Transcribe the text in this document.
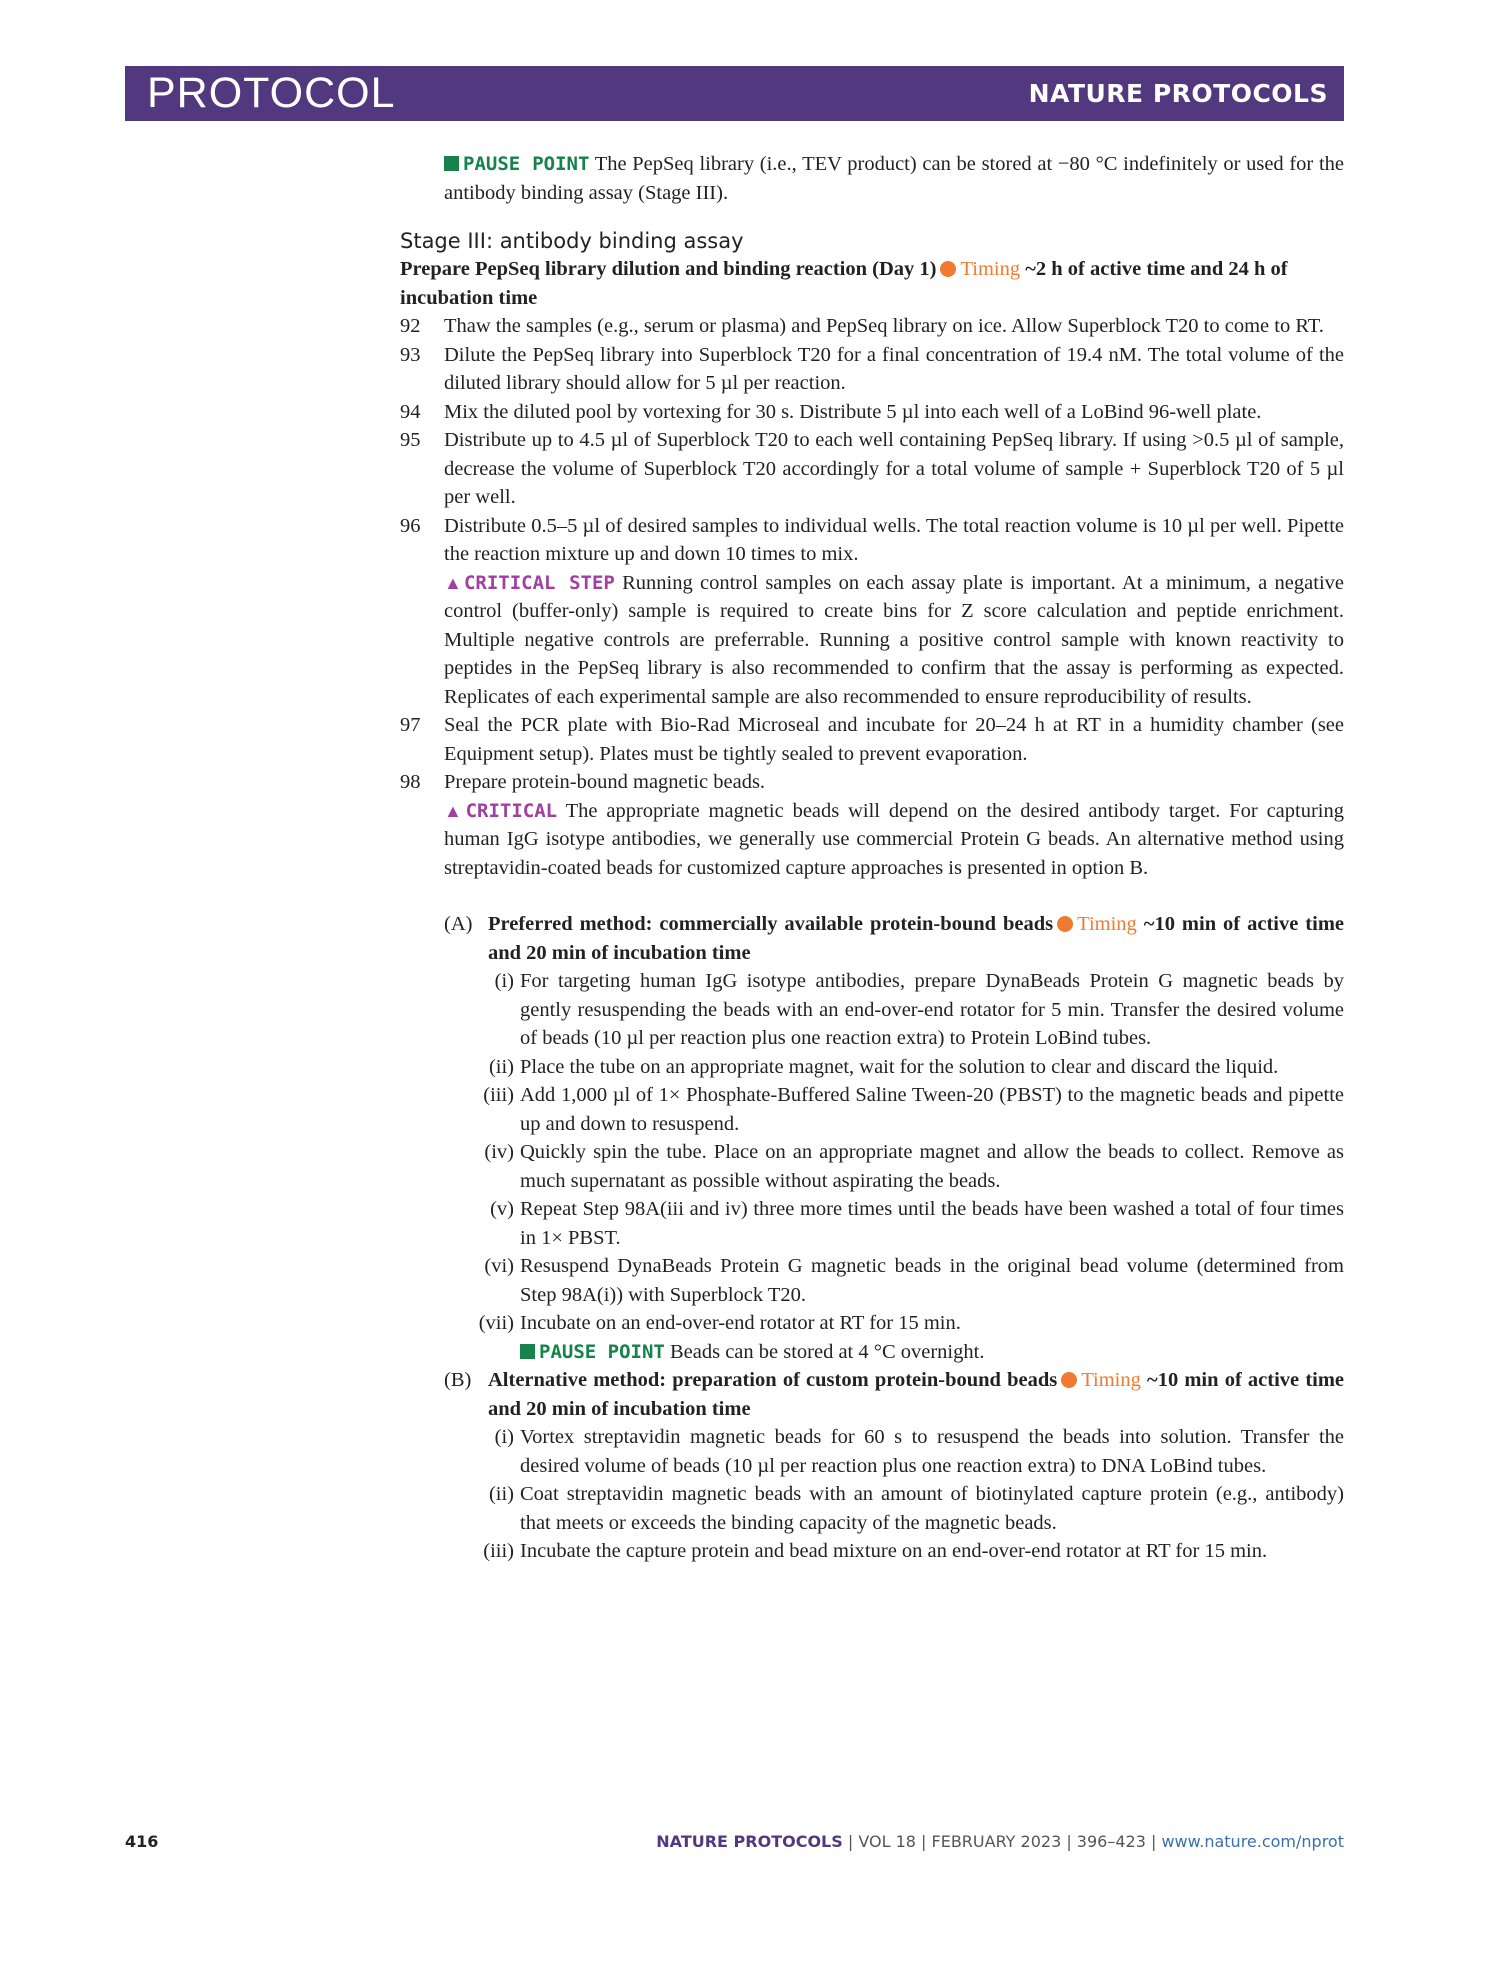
PROTOCOL	NATURE PROTOCOLS

PAUSE POINT The PepSeq library (i.e., TEV product) can be stored at −80 °C indefinitely or used for the antibody binding assay (Stage III).

Stage III: antibody binding assay

Prepare PepSeq library dilution and binding reaction (Day 1) Timing ~2 h of active time and 24 h of incubation time

92 Thaw the samples (e.g., serum or plasma) and PepSeq library on ice. Allow Superblock T20 to come to RT.

93 Dilute the PepSeq library into Superblock T20 for a final concentration of 19.4 nM. The total volume of the diluted library should allow for 5 µl per reaction.

94 Mix the diluted pool by vortexing for 30 s. Distribute 5 µl into each well of a LoBind 96-well plate.

95 Distribute up to 4.5 µl of Superblock T20 to each well containing PepSeq library. If using >0.5 µl of sample, decrease the volume of Superblock T20 accordingly for a total volume of sample + Superblock T20 of 5 µl per well.

96 Distribute 0.5–5 µl of desired samples to individual wells. The total reaction volume is 10 µl per well. Pipette the reaction mixture up and down 10 times to mix.

▲CRITICAL STEP Running control samples on each assay plate is important. At a minimum, a negative control (buffer-only) sample is required to create bins for Z score calculation and peptide enrichment. Multiple negative controls are preferrable. Running a positive control sample with known reactivity to peptides in the PepSeq library is also recommended to confirm that the assay is performing as expected. Replicates of each experimental sample are also recommended to ensure reproducibility of results.

97 Seal the PCR plate with Bio-Rad Microseal and incubate for 20–24 h at RT in a humidity chamber (see Equipment setup). Plates must be tightly sealed to prevent evaporation.

98 Prepare protein-bound magnetic beads.

▲CRITICAL The appropriate magnetic beads will depend on the desired antibody target. For capturing human IgG isotype antibodies, we generally use commercial Protein G beads. An alternative method using streptavidin-coated beads for customized capture approaches is presented in option B.

(A) Preferred method: commercially available protein-bound beads Timing ~10 min of active time and 20 min of incubation time

(i) For targeting human IgG isotype antibodies, prepare DynaBeads Protein G magnetic beads by gently resuspending the beads with an end-over-end rotator for 5 min. Transfer the desired volume of beads (10 µl per reaction plus one reaction extra) to Protein LoBind tubes.

(ii) Place the tube on an appropriate magnet, wait for the solution to clear and discard the liquid.

(iii) Add 1,000 µl of 1× Phosphate-Buffered Saline Tween-20 (PBST) to the magnetic beads and pipette up and down to resuspend.

(iv) Quickly spin the tube. Place on an appropriate magnet and allow the beads to collect. Remove as much supernatant as possible without aspirating the beads.

(v) Repeat Step 98A(iii and iv) three more times until the beads have been washed a total of four times in 1× PBST.

(vi) Resuspend DynaBeads Protein G magnetic beads in the original bead volume (determined from Step 98A(i)) with Superblock T20.

(vii) Incubate on an end-over-end rotator at RT for 15 min.

PAUSE POINT Beads can be stored at 4 °C overnight.

(B) Alternative method: preparation of custom protein-bound beads Timing ~10 min of active time and 20 min of incubation time

(i) Vortex streptavidin magnetic beads for 60 s to resuspend the beads into solution. Transfer the desired volume of beads (10 µl per reaction plus one reaction extra) to DNA LoBind tubes.

(ii) Coat streptavidin magnetic beads with an amount of biotinylated capture protein (e.g., antibody) that meets or exceeds the binding capacity of the magnetic beads.

(iii) Incubate the capture protein and bead mixture on an end-over-end rotator at RT for 15 min.

416	NATURE PROTOCOLS | VOL 18 | FEBRUARY 2023 | 396–423 | www.nature.com/nprot
